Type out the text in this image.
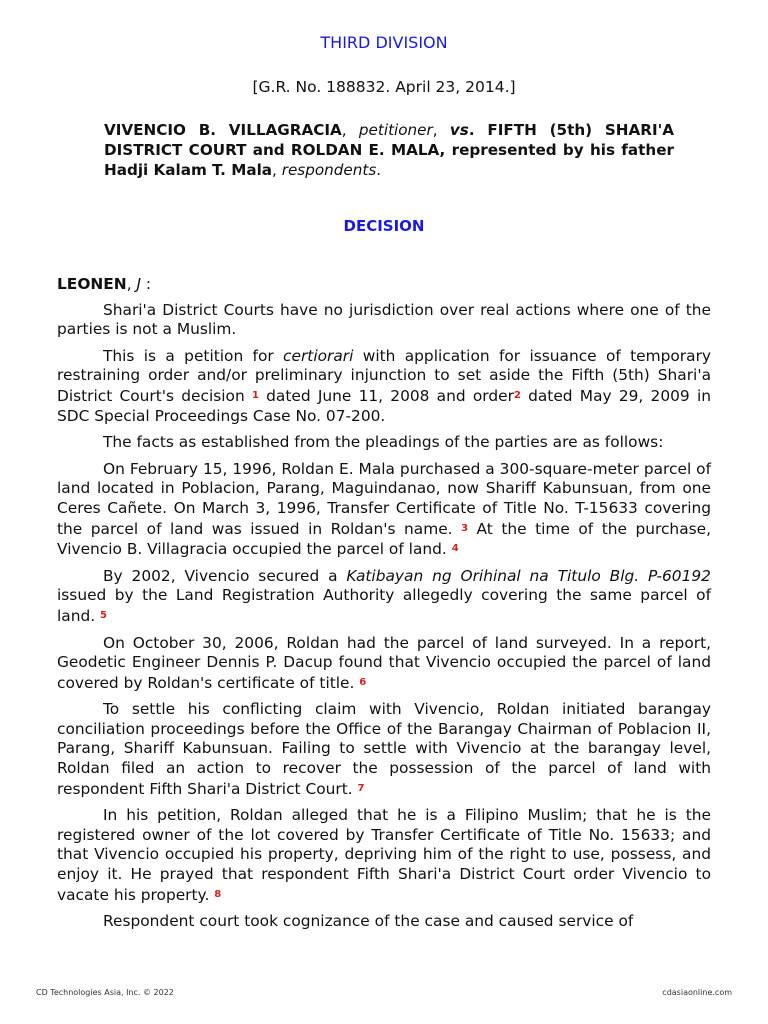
THIRD DIVISION
[G.R. No. 188832. April 23, 2014.]
VIVENCIO B. VILLAGRACIA, petitioner, vs. FIFTH (5th) SHARI'A DISTRICT COURT and ROLDAN E. MALA, represented by his father Hadji Kalam T. Mala, respondents.
DECISION
LEONEN, J :

Shari'a District Courts have no jurisdiction over real actions where one of the parties is not a Muslim.

This is a petition for certiorari with application for issuance of temporary restraining order and/or preliminary injunction to set aside the Fifth (5th) Shari'a District Court's decision 1 dated June 11, 2008 and order2 dated May 29, 2009 in SDC Special Proceedings Case No. 07-200.

The facts as established from the pleadings of the parties are as follows:

On February 15, 1996, Roldan E. Mala purchased a 300-square-meter parcel of land located in Poblacion, Parang, Maguindanao, now Shariff Kabunsuan, from one Ceres Cañete. On March 3, 1996, Transfer Certificate of Title No. T-15633 covering the parcel of land was issued in Roldan's name. 3 At the time of the purchase, Vivencio B. Villagracia occupied the parcel of land. 4

By 2002, Vivencio secured a Katibayan ng Orihinal na Titulo Blg. P-60192 issued by the Land Registration Authority allegedly covering the same parcel of land. 5

On October 30, 2006, Roldan had the parcel of land surveyed. In a report, Geodetic Engineer Dennis P. Dacup found that Vivencio occupied the parcel of land covered by Roldan's certificate of title. 6

To settle his conflicting claim with Vivencio, Roldan initiated barangay conciliation proceedings before the Office of the Barangay Chairman of Poblacion II, Parang, Shariff Kabunsuan. Failing to settle with Vivencio at the barangay level, Roldan filed an action to recover the possession of the parcel of land with respondent Fifth Shari'a District Court. 7

In his petition, Roldan alleged that he is a Filipino Muslim; that he is the registered owner of the lot covered by Transfer Certificate of Title No. 15633; and that Vivencio occupied his property, depriving him of the right to use, possess, and enjoy it. He prayed that respondent Fifth Shari'a District Court order Vivencio to vacate his property. 8

Respondent court took cognizance of the case and caused service of

CD Technologies Asia, Inc. © 2022	cdasiaonline.com
